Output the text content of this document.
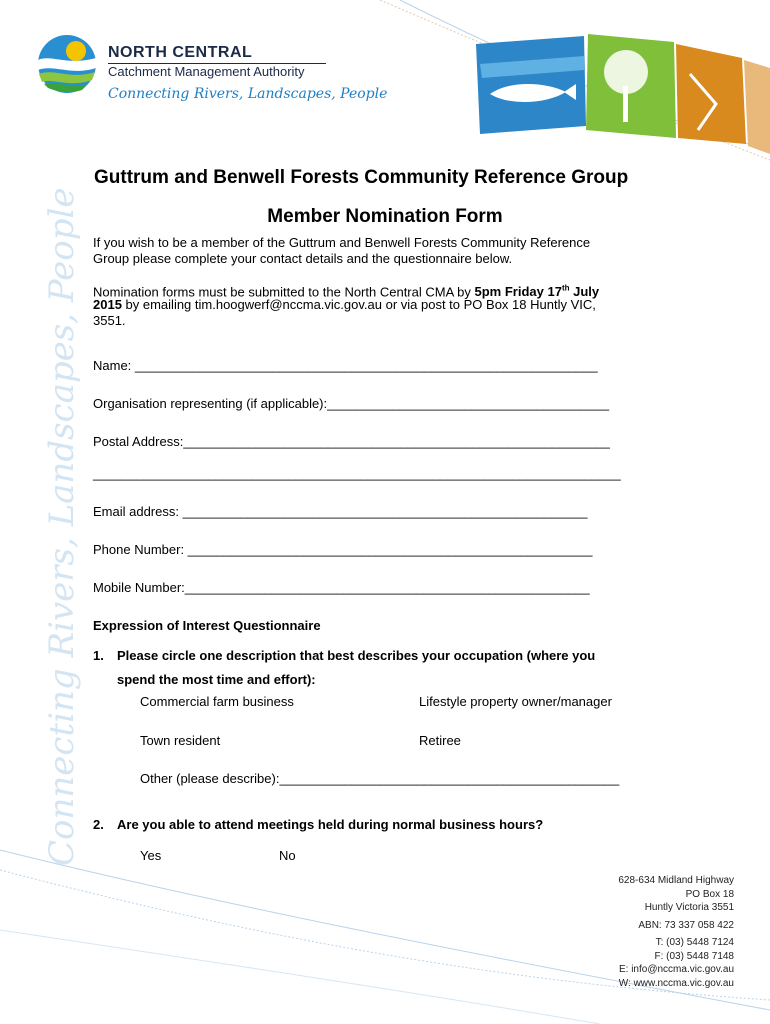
NORTH CENTRAL
Catchment Management Authority
Connecting Rivers, Landscapes, People
Connecting Rivers, Landscapes, People
Guttrum and Benwell Forests Community Reference Group
Member Nomination Form
If you wish to be a member of the Guttrum and Benwell Forests Community Reference
Group please complete your contact details and the questionnaire below.
Nomination forms must be submitted to the North Central CMA by 5pm Friday 17th July
2015 by emailing tim.hoogwerf@nccma.vic.gov.au or via post to PO Box 18 Huntly VIC,
3551.
Name: ________________________________________________________________
Organisation representing (if applicable):_______________________________________
Postal Address:___________________________________________________________
_________________________________________________________________________
Email address: ________________________________________________________
Phone Number: ________________________________________________________
Mobile Number:________________________________________________________
Expression of Interest Questionnaire
1. Please circle one description that best describes your occupation (where you
spend the most time and effort):
Commercial farm business	Lifestyle property owner/manager
Town resident	Retiree
Other (please describe):_______________________________________________
2. Are you able to attend meetings held during normal business hours?
Yes	No
628-634 Midland Highway
PO Box 18
Huntly Victoria 3551
ABN: 73 337 058 422
T: (03) 5448 7124
F: (03) 5448 7148
E: info@nccma.vic.gov.au
W: www.nccma.vic.gov.au
